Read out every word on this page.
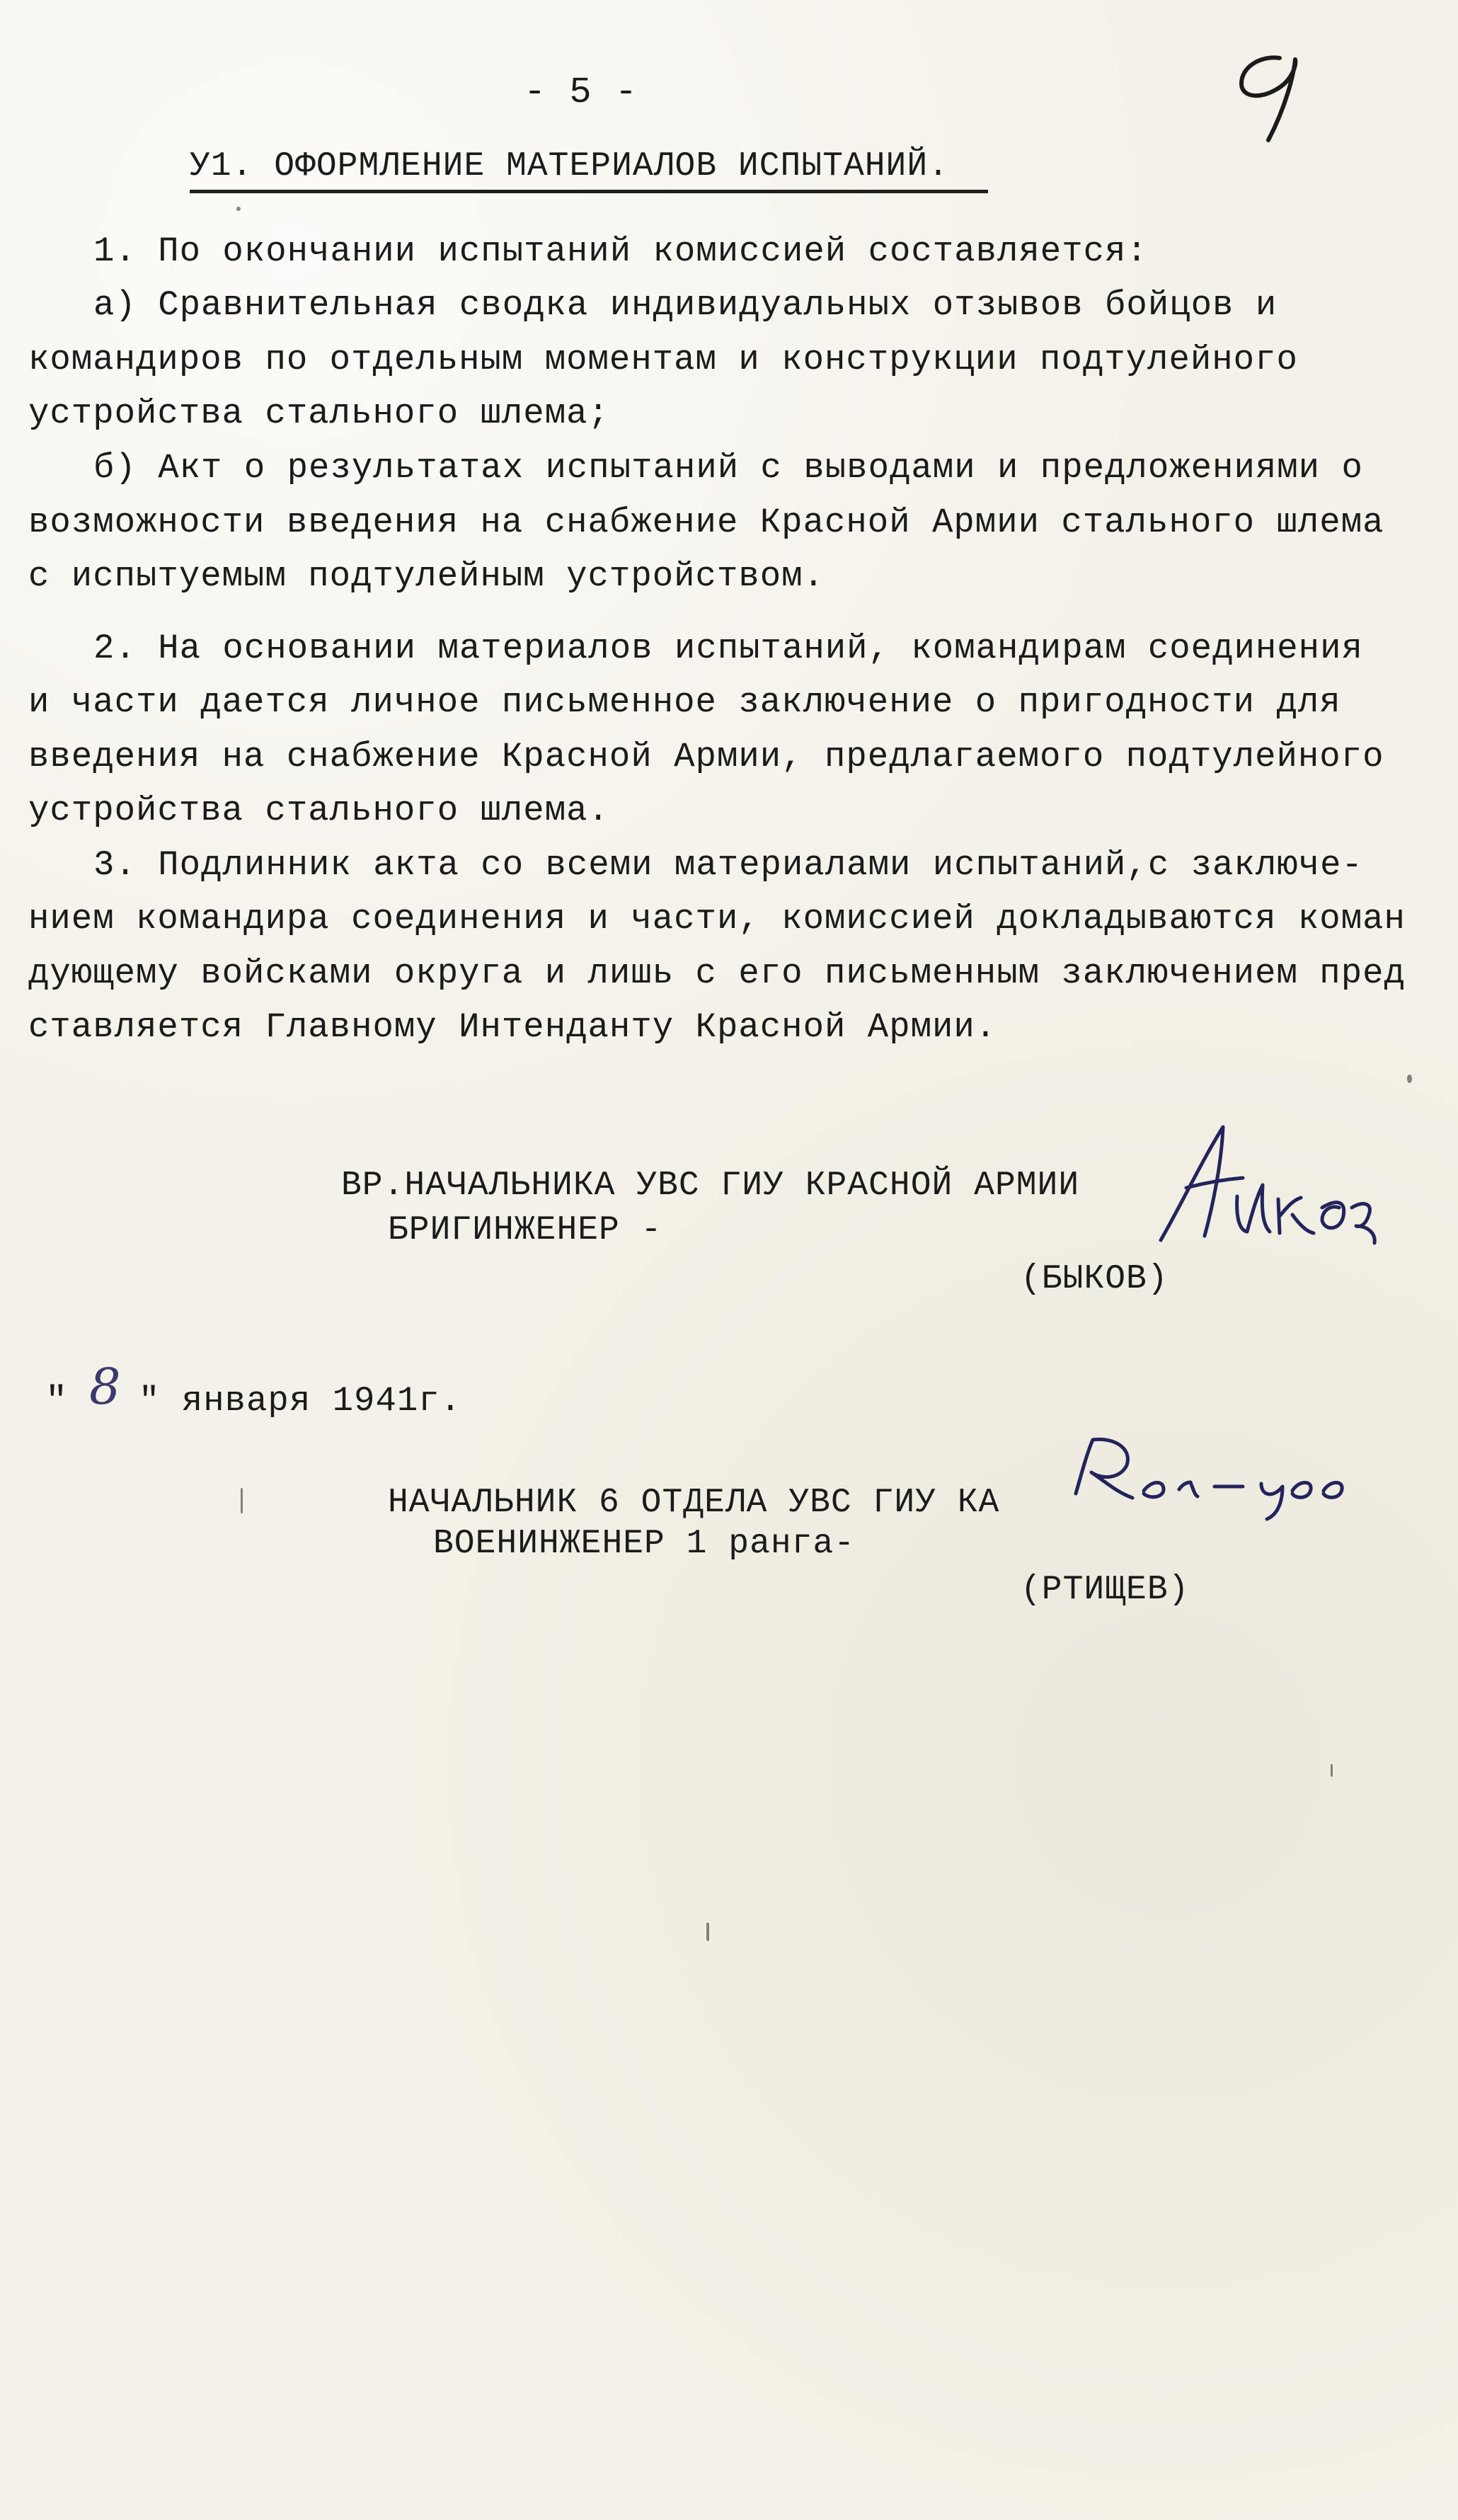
- 5 -
У1. ОФОРМЛЕНИЕ МАТЕРИАЛОВ ИСПЫТАНИЙ.
1. По окончании испытаний комиссией составляется:
а) Сравнительная сводка индивидуальных отзывов бойцов и
командиров по отдельным моментам и конструкции подтулейного
устройства стального шлема;
б) Акт о результатах испытаний с выводами и предложениями о
возможности введения на снабжение Красной Армии стального шлема
с испытуемым подтулейным устройством.
2. На основании материалов испытаний, командирам соединения
и части дается личное письменное заключение о пригодности для
введения на снабжение Красной Армии, предлагаемого подтулейного
устройства стального шлема.
3. Подлинник акта со всеми материалами испытаний,с заключе-
нием командира соединения и части, комиссией докладываются коман
дующему войсками округа и лишь с его письменным заключением пред
ставляется Главному Интенданту Красной Армии.
ВР.НАЧАЛЬНИКА УВС ГИУ КРАСНОЙ АРМИИ
БРИГИНЖЕНЕР -
(БЫКОВ)
" 8 " января 1941г.
НАЧАЛЬНИК 6 ОТДЕЛА УВС ГИУ КА
ВОЕНИНЖЕНЕР 1 ранга-
(РТИЩЕВ)
